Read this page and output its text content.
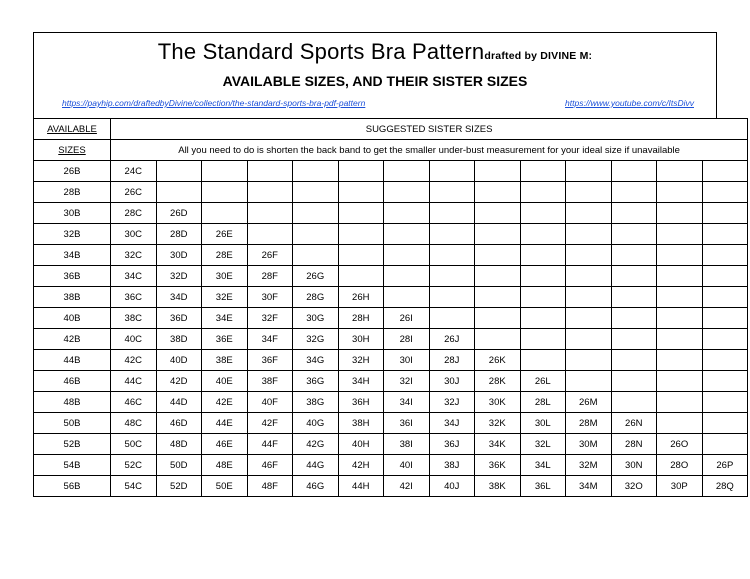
The Standard Sports Bra Patterndrafted by DIVINE M:
AVAILABLE SIZES, AND THEIR SISTER SIZES
https://payhip.com/draftedbyDivine/collection/the-standard-sports-bra-pdf-pattern	https://www.youtube.com/c/ItsDivv
AVAILABLE	SUGGESTED SISTER SIZES													
SIZES	All you need to do is shorten the back band to get the smaller under-bust measurement for your ideal size if unavailable													
26B	24C													
28B	26C													
30B	28C	26D												
32B	30C	28D	26E											
34B	32C	30D	28E	26F										
36B	34C	32D	30E	28F	26G									
38B	36C	34D	32E	30F	28G	26H								
40B	38C	36D	34E	32F	30G	28H	26I							
42B	40C	38D	36E	34F	32G	30H	28I	26J						
44B	42C	40D	38E	36F	34G	32H	30I	28J	26K					
46B	44C	42D	40E	38F	36G	34H	32I	30J	28K	26L				
48B	46C	44D	42E	40F	38G	36H	34I	32J	30K	28L	26M			
50B	48C	46D	44E	42F	40G	38H	36I	34J	32K	30L	28M	26N		
52B	50C	48D	46E	44F	42G	40H	38I	36J	34K	32L	30M	28N	26O	
54B	52C	50D	48E	46F	44G	42H	40I	38J	36K	34L	32M	30N	28O	26P
56B	54C	52D	50E	48F	46G	44H	42I	40J	38K	36L	34M	32O	30P	28Q
